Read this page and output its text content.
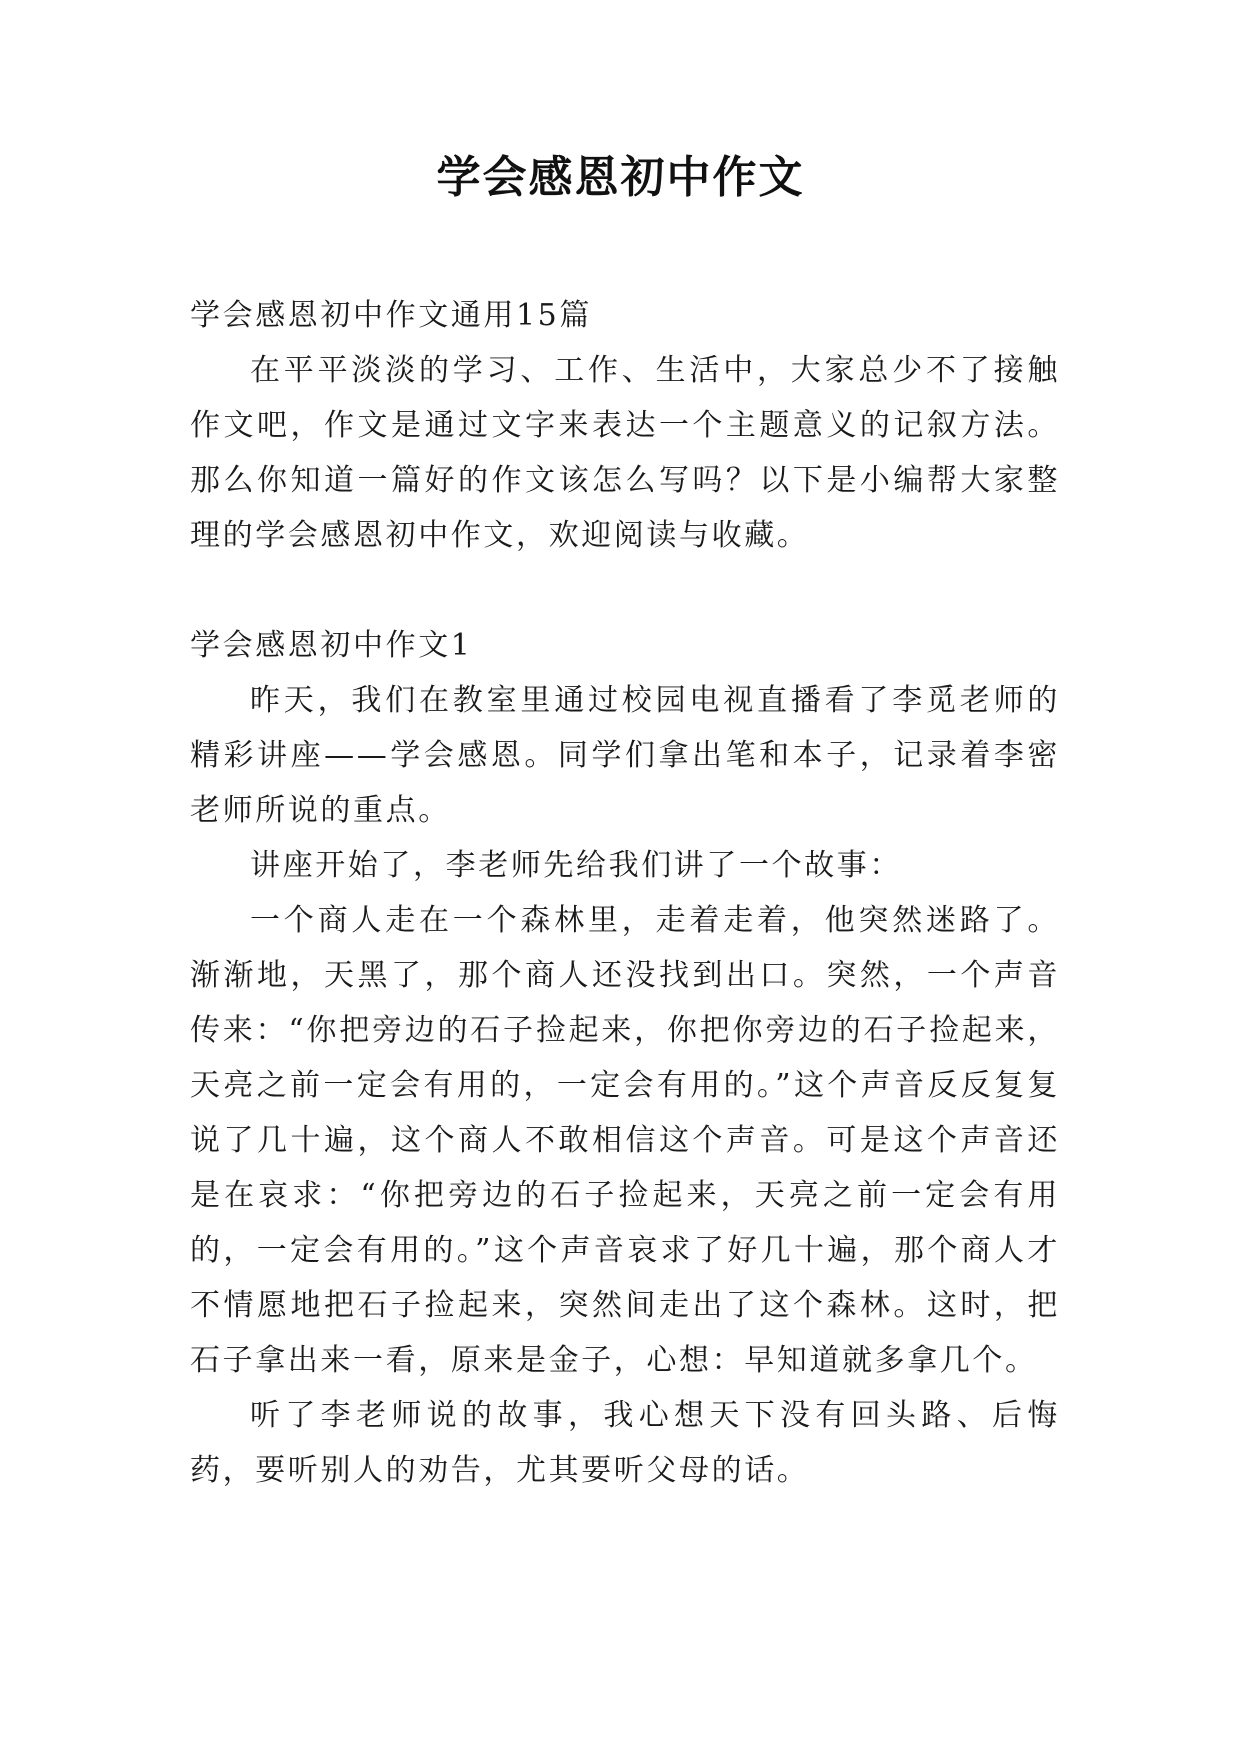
学会感恩初中作文

学会感恩初中作文通用15篇

在平平淡淡的学习、工作、生活中，大家总少不了接触作文吧，作文是通过文字来表达一个主题意义的记叙方法。那么你知道一篇好的作文该怎么写吗？以下是小编帮大家整理的学会感恩初中作文，欢迎阅读与收藏。

学会感恩初中作文1

昨天，我们在教室里通过校园电视直播看了李觅老师的精彩讲座——学会感恩。同学们拿出笔和本子，记录着李密老师所说的重点。

讲座开始了，李老师先给我们讲了一个故事：

一个商人走在一个森林里，走着走着，他突然迷路了。渐渐地，天黑了，那个商人还没找到出口。突然，一个声音传来：“你把旁边的石子捡起来，你把你旁边的石子捡起来，天亮之前一定会有用的，一定会有用的。”这个声音反反复复说了几十遍，这个商人不敢相信这个声音。可是这个声音还是在哀求：“你把旁边的石子捡起来，天亮之前一定会有用的，一定会有用的。”这个声音哀求了好几十遍，那个商人才不情愿地把石子捡起来，突然间走出了这个森林。这时，把石子拿出来一看，原来是金子，心想：早知道就多拿几个。

听了李老师说的故事，我心想天下没有回头路、后悔药，要听别人的劝告，尤其要听父母的话。
